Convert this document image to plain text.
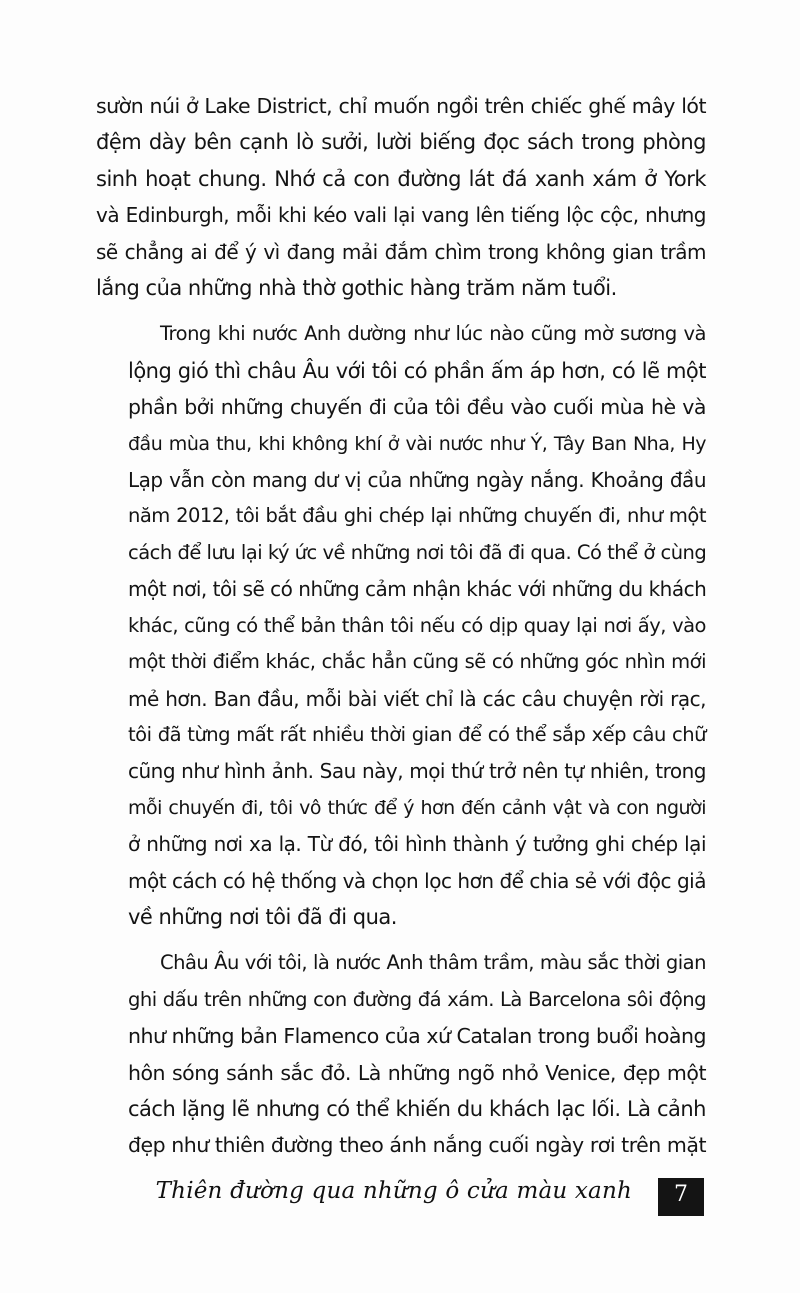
sườn núi ở Lake District, chỉ muốn ngồi trên chiếc ghế mây lót
đệm dày bên cạnh lò sưởi, lười biếng đọc sách trong phòng
sinh hoạt chung. Nhớ cả con đường lát đá xanh xám ở York
và Edinburgh, mỗi khi kéo vali lại vang lên tiếng lộc cộc, nhưng
sẽ chẳng ai để ý vì đang mải đắm chìm trong không gian trầm
lắng của những nhà thờ gothic hàng trăm năm tuổi.

Trong khi nước Anh dường như lúc nào cũng mờ sương và
lộng gió thì châu Âu với tôi có phần ấm áp hơn, có lẽ một
phần bởi những chuyến đi của tôi đều vào cuối mùa hè và
đầu mùa thu, khi không khí ở vài nước như Ý, Tây Ban Nha, Hy
Lạp vẫn còn mang dư vị của những ngày nắng. Khoảng đầu
năm 2012, tôi bắt đầu ghi chép lại những chuyến đi, như một
cách để lưu lại ký ức về những nơi tôi đã đi qua. Có thể ở cùng
một nơi, tôi sẽ có những cảm nhận khác với những du khách
khác, cũng có thể bản thân tôi nếu có dịp quay lại nơi ấy, vào
một thời điểm khác, chắc hẳn cũng sẽ có những góc nhìn mới
mẻ hơn. Ban đầu, mỗi bài viết chỉ là các câu chuyện rời rạc,
tôi đã từng mất rất nhiều thời gian để có thể sắp xếp câu chữ
cũng như hình ảnh. Sau này, mọi thứ trở nên tự nhiên, trong
mỗi chuyến đi, tôi vô thức để ý hơn đến cảnh vật và con người
ở những nơi xa lạ. Từ đó, tôi hình thành ý tưởng ghi chép lại
một cách có hệ thống và chọn lọc hơn để chia sẻ với độc giả
về những nơi tôi đã đi qua.

Châu Âu với tôi, là nước Anh thâm trầm, màu sắc thời gian
ghi dấu trên những con đường đá xám. Là Barcelona sôi động
như những bản Flamenco của xứ Catalan trong buổi hoàng
hôn sóng sánh sắc đỏ. Là những ngõ nhỏ Venice, đẹp một
cách lặng lẽ nhưng có thể khiến du khách lạc lối. Là cảnh
đẹp như thiên đường theo ánh nắng cuối ngày rơi trên mặt

Thiên đường qua những ô cửa màu xanh	7
